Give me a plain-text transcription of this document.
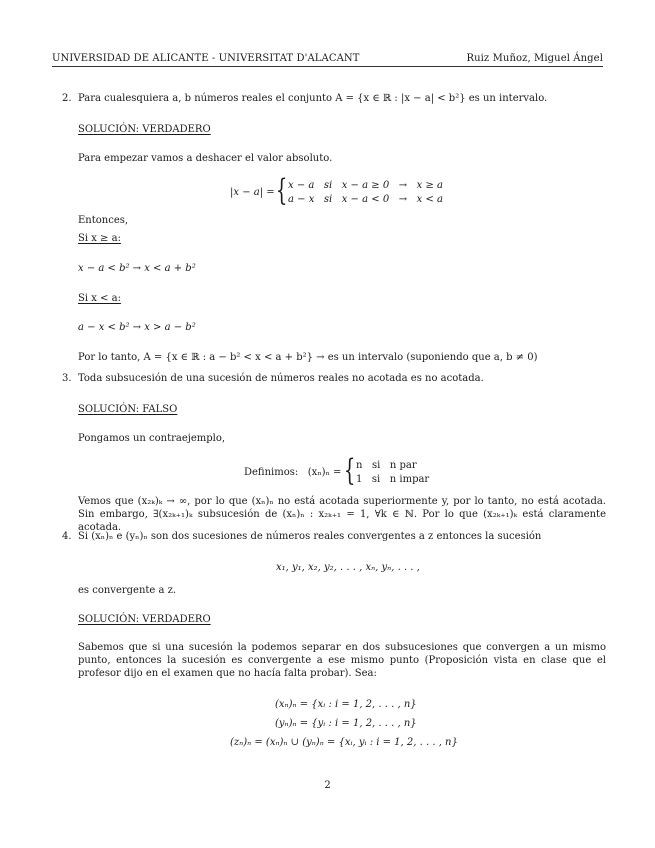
UNIVERSIDAD DE ALICANTE - UNIVERSITAT D'ALACANT	Ruiz Muñoz, Miguel Ángel
2. Para cualesquiera a, b números reales el conjunto A = {x ∈ ℝ : |x − a| < b²} es un intervalo.
SOLUCIÓN: VERDADERO
Para empezar vamos a deshacer el valor absoluto.
|x − a| = { x − a   si   x − a ≥ 0   →   x ≥ a
a − x   si   x − a < 0   →   x < a
Entonces,
Si x ≥ a:
x − a < b² → x < a + b²
Si x < a:
a − x < b² → x > a − b²
Por lo tanto, A = {x ∈ ℝ : a − b² < x < a + b²} → es un intervalo (suponiendo que a, b ≠ 0)
3. Toda subsucesión de una sucesión de números reales no acotada es no acotada.
SOLUCIÓN: FALSO
Pongamos un contraejemplo,
Definimos:   (xₙ)ₙ = { n   si   n par
1   si   n impar
Vemos que (x₂ₖ)ₖ → ∞, por lo que (xₙ)ₙ no está acotada superiormente y, por lo tanto, no está acotada. Sin embargo, ∃(x₂ₖ₊₁)ₖ subsucesión de (xₙ)ₙ : x₂ₖ₊₁ = 1, ∀k ∈ ℕ. Por lo que (x₂ₖ₊₁)ₖ está claramente acotada.
4. Si (xₙ)ₙ e (yₙ)ₙ son dos sucesiones de números reales convergentes a z entonces la sucesión
x₁, y₁, x₂, y₂, . . . , xₙ, yₙ, . . . ,
es convergente a z.
SOLUCIÓN: VERDADERO
Sabemos que si una sucesión la podemos separar en dos subsucesiones que convergen a un mismo punto, entonces la sucesión es convergente a ese mismo punto (Proposición vista en clase que el profesor dijo en el examen que no hacía falta probar). Sea:
(xₙ)ₙ = {xᵢ : i = 1, 2, . . . , n}
(yₙ)ₙ = {yᵢ : i = 1, 2, . . . , n}
(zₙ)ₙ = (xₙ)ₙ ∪ (yₙ)ₙ = {xᵢ, yᵢ : i = 1, 2, . . . , n}
2
